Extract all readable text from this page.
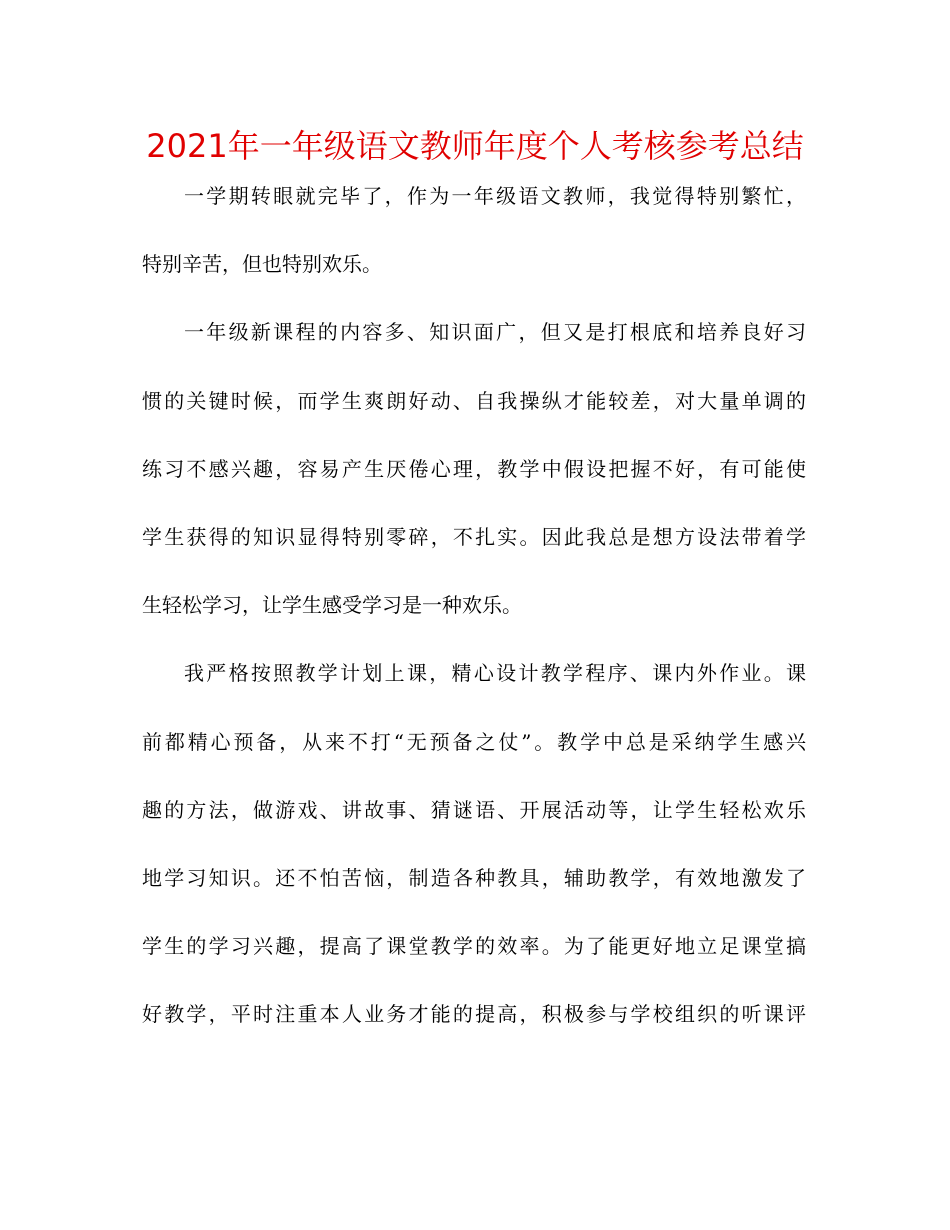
2021年一年级语文教师年度个人考核参考总结
一学期转眼就完毕了，作为一年级语文教师，我觉得特别繁忙，
特别辛苦，但也特别欢乐。
一年级新课程的内容多、知识面广，但又是打根底和培养良好习
惯的关键时候，而学生爽朗好动、自我操纵才能较差，对大量单调的
练习不感兴趣，容易产生厌倦心理，教学中假设把握不好，有可能使
学生获得的知识显得特别零碎，不扎实。因此我总是想方设法带着学
生轻松学习，让学生感受学习是一种欢乐。
我严格按照教学计划上课，精心设计教学程序、课内外作业。课
前都精心预备，从来不打“无预备之仗”。教学中总是采纳学生感兴
趣的方法，做游戏、讲故事、猜谜语、开展活动等，让学生轻松欢乐
地学习知识。还不怕苦恼，制造各种教具，辅助教学，有效地激发了
学生的学习兴趣，提高了课堂教学的效率。为了能更好地立足课堂搞
好教学，平时注重本人业务才能的提高，积极参与学校组织的听课评
